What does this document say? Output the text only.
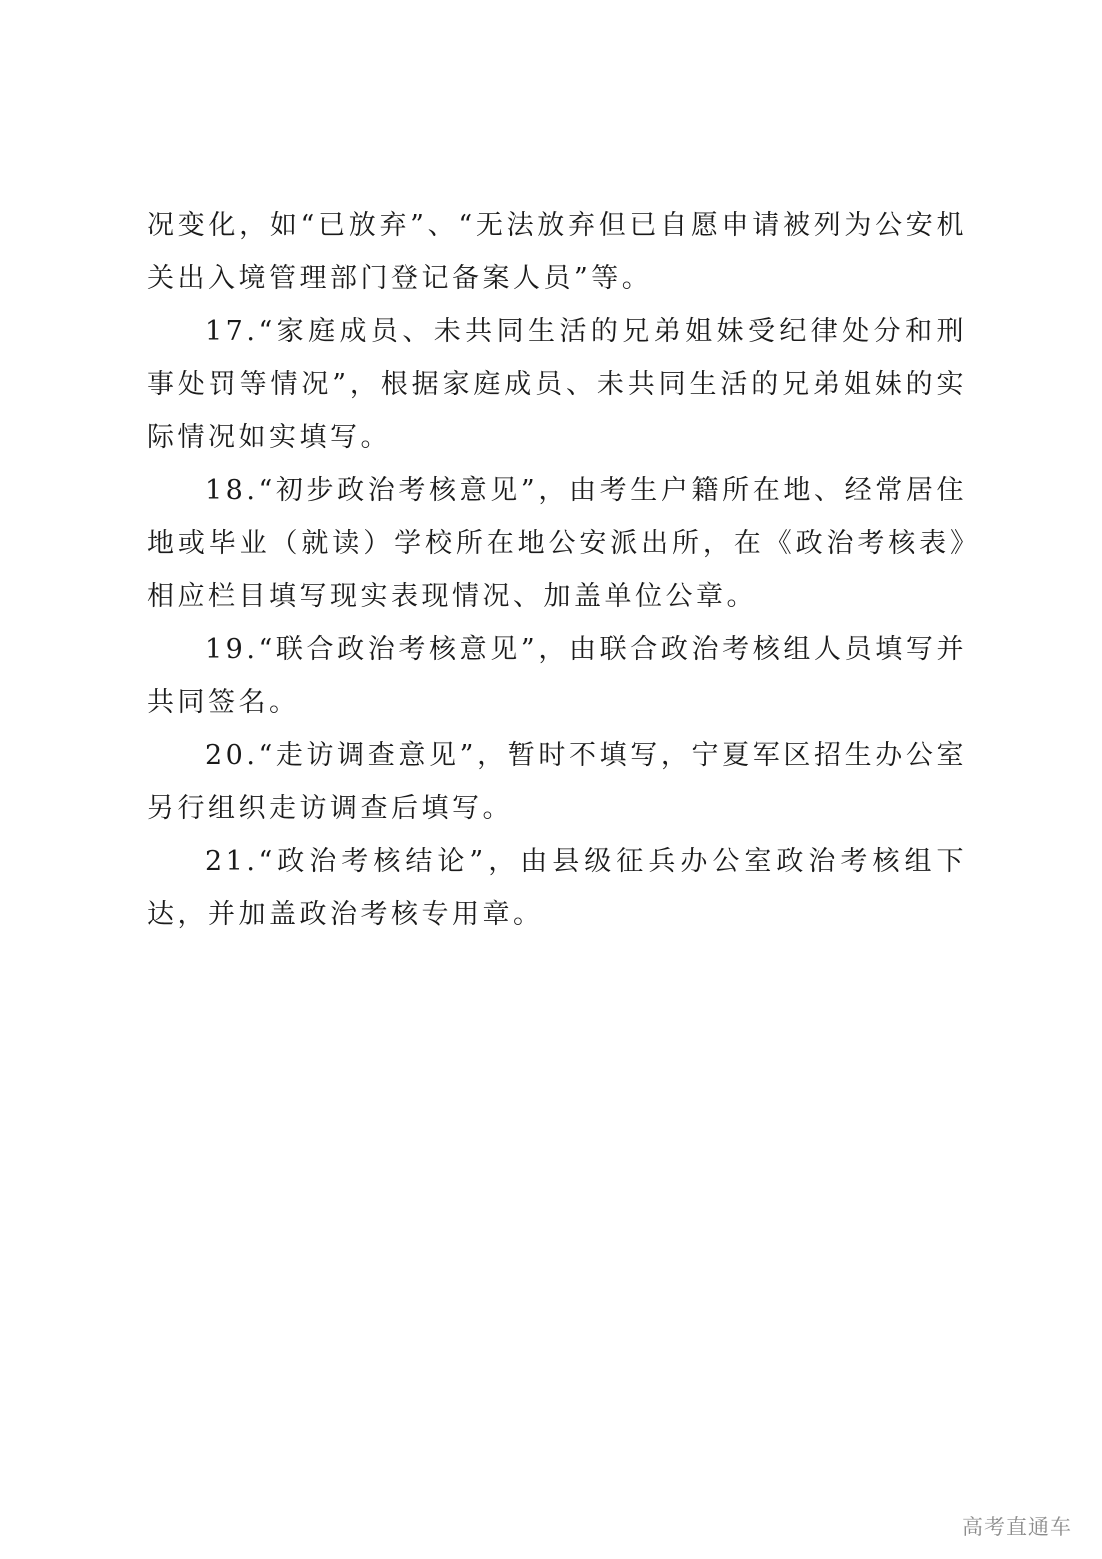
况变化，如“已放弃”、“无法放弃但已自愿申请被列为公安机关出入境管理部门登记备案人员”等。

17.“家庭成员、未共同生活的兄弟姐妹受纪律处分和刑事处罚等情况”，根据家庭成员、未共同生活的兄弟姐妹的实际情况如实填写。

18.“初步政治考核意见”，由考生户籍所在地、经常居住地或毕业（就读）学校所在地公安派出所，在《政治考核表》相应栏目填写现实表现情况、加盖单位公章。

19.“联合政治考核意见”，由联合政治考核组人员填写并共同签名。

20.“走访调查意见”，暂时不填写，宁夏军区招生办公室另行组织走访调查后填写。

21.“政治考核结论”，由县级征兵办公室政治考核组下达，并加盖政治考核专用章。

高考直通车
